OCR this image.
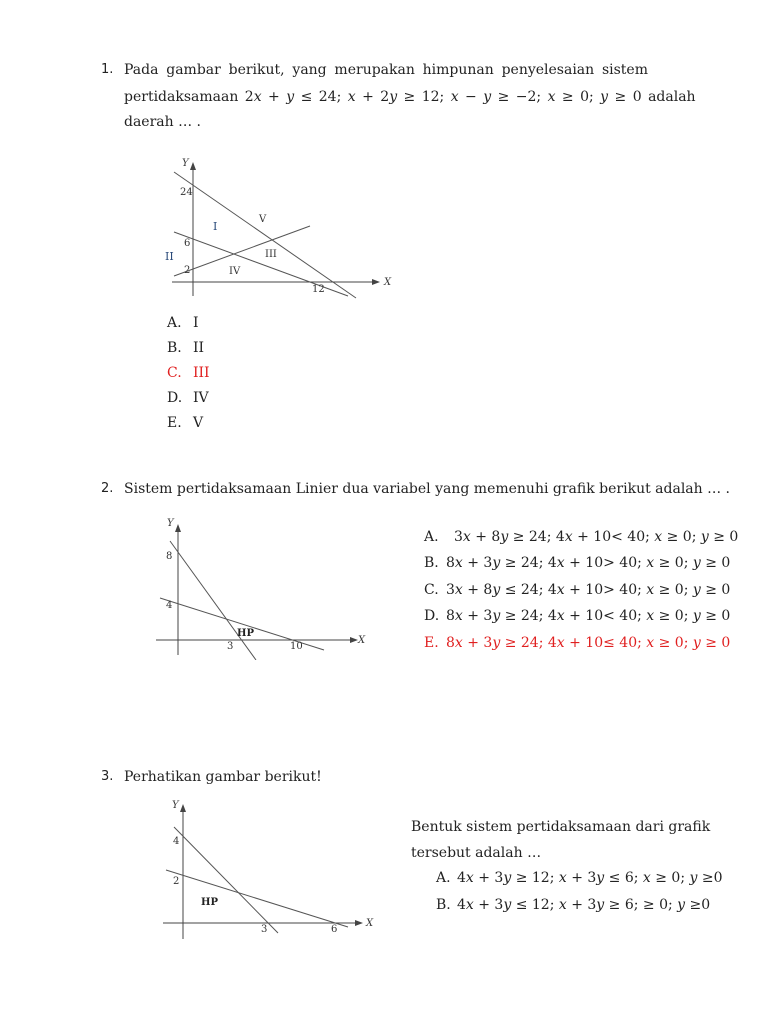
1. Pada gambar berikut, yang merupakan himpunan penyelesaian sistem
pertidaksamaan 2𝑥 + 𝑦 ≤ 24; 𝑥 + 2𝑦 ≥ 12; 𝑥 − 𝑦 ≥ −2; 𝑥 ≥ 0; 𝑦 ≥ 0 adalah
daerah … .
Y
X
24
6
2
12
I
II	III
IV
V
A. I
B. II
C. III
D. IV
E. V
2. Sistem pertidaksamaan Linier dua variabel yang memenuhi grafik berikut adalah … .
Y
X
8
4
3	10
HP
A. 3𝑥 + 8𝑦 ≥ 24; 4𝑥 + 10< 40; 𝑥 ≥ 0; 𝑦 ≥ 0
B. 8𝑥 + 3𝑦 ≥ 24; 4𝑥 + 10> 40; 𝑥 ≥ 0; 𝑦 ≥ 0
C. 3𝑥 + 8𝑦 ≤ 24; 4𝑥 + 10> 40; 𝑥 ≥ 0; 𝑦 ≥ 0
D. 8𝑥 + 3𝑦 ≥ 24; 4𝑥 + 10< 40; 𝑥 ≥ 0; 𝑦 ≥ 0
E. 8𝑥 + 3𝑦 ≥ 24; 4𝑥 + 10≤ 40; 𝑥 ≥ 0; 𝑦 ≥ 0
3. Perhatikan gambar berikut!
Y
X
4
2
3	6
HP
Bentuk sistem pertidaksamaan dari grafik
tersebut adalah …
A. 4𝑥 + 3𝑦 ≥ 12; 𝑥 + 3𝑦 ≤ 6; 𝑥 ≥ 0; 𝑦 ≥0
B. 4𝑥 + 3𝑦 ≤ 12; 𝑥 + 3𝑦 ≥ 6; ≥ 0; 𝑦 ≥0
